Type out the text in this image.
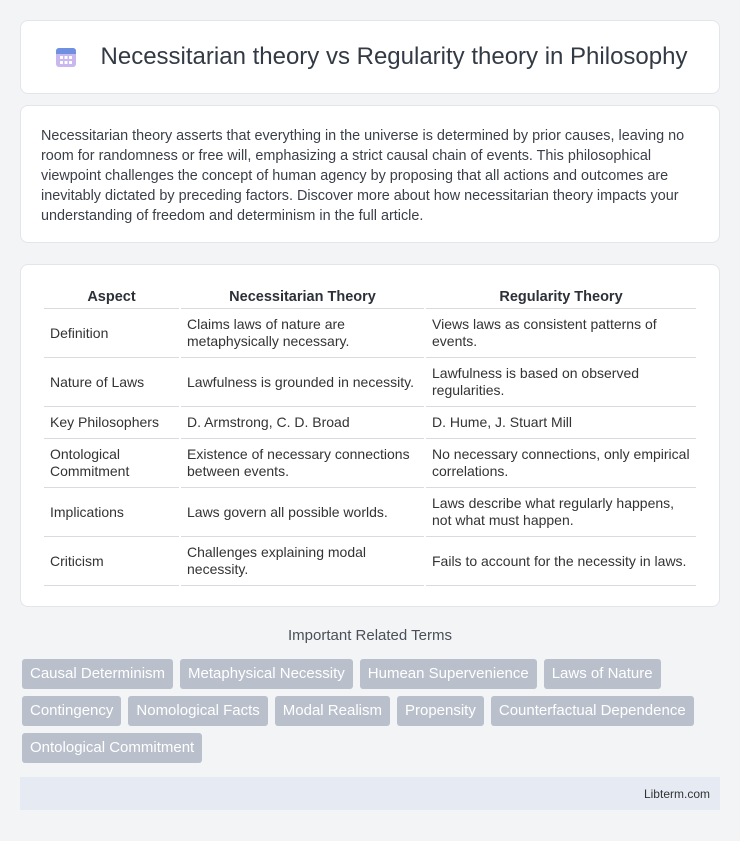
Necessitarian theory vs Regularity theory in Philosophy

Necessitarian theory asserts that everything in the universe is determined by prior causes, leaving no room for randomness or free will, emphasizing a strict causal chain of events. This philosophical viewpoint challenges the concept of human agency by proposing that all actions and outcomes are inevitably dictated by preceding factors. Discover more about how necessitarian theory impacts your understanding of freedom and determinism in the full article.

Aspect	Necessitarian Theory	Regularity Theory
Definition	Claims laws of nature are metaphysically necessary.	Views laws as consistent patterns of events.
Nature of Laws	Lawfulness is grounded in necessity.	Lawfulness is based on observed regularities.
Key Philosophers	D. Armstrong, C. D. Broad	D. Hume, J. Stuart Mill
Ontological Commitment	Existence of necessary connections between events.	No necessary connections, only empirical correlations.
Implications	Laws govern all possible worlds.	Laws describe what regularly happens, not what must happen.
Criticism	Challenges explaining modal necessity.	Fails to account for the necessity in laws.
Important Related Terms
Causal Determinism	Metaphysical Necessity	Humean Supervenience	Laws of Nature
Contingency	Nomological Facts	Modal Realism	Propensity	Counterfactual Dependence
Ontological Commitment
Libterm.com
